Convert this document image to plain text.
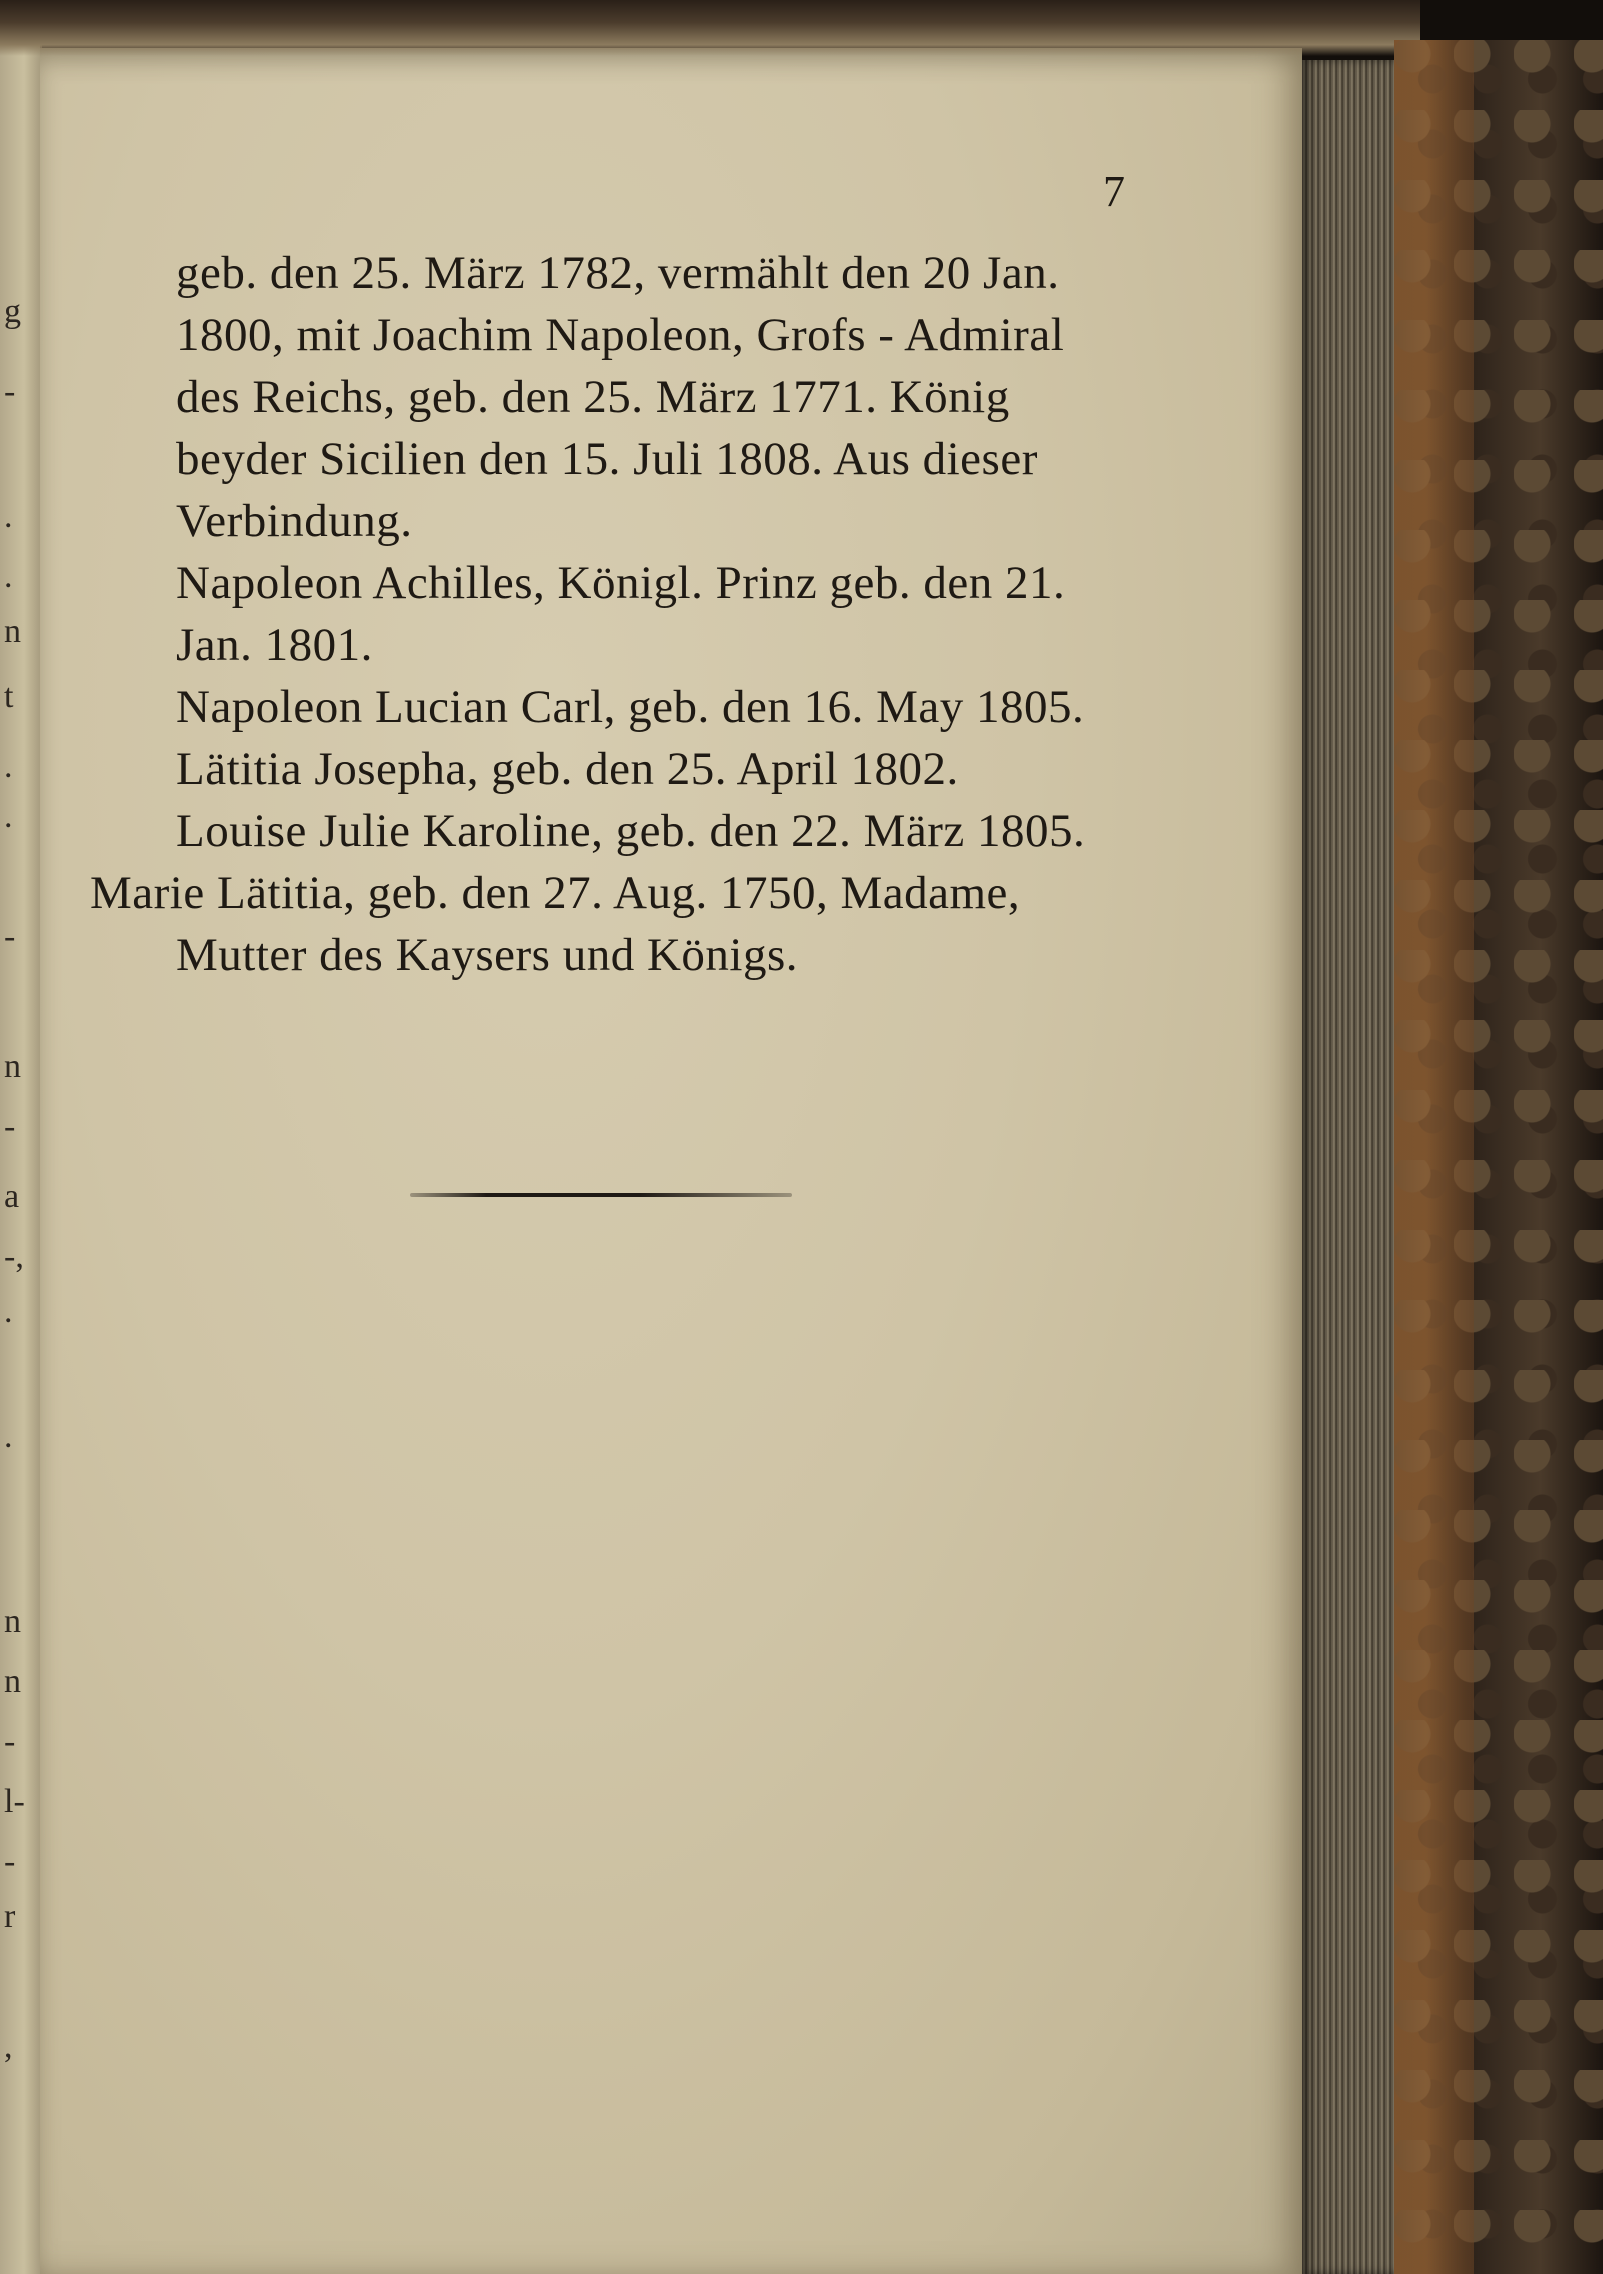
g
-
.
.
n
t
.
.
-
n
-
a
-,
.
.
n
n
-
l-
-
r
,
7
geb. den 25. März 1782, vermählt den 20 Jan.
1800, mit Joachim Napoleon, Grofs - Admiral
des Reichs, geb. den 25. März 1771. König
beyder Sicilien den 15. Juli 1808. Aus dieser
Verbindung.
Napoleon Achilles, Königl. Prinz geb. den 21.
Jan. 1801.
Napoleon Lucian Carl, geb. den 16. May 1805.
Lätitia Josepha, geb. den 25. April 1802.
Louise Julie Karoline, geb. den 22. März 1805.
Marie Lätitia, geb. den 27. Aug. 1750, Madame,
Mutter des Kaysers und Königs.
